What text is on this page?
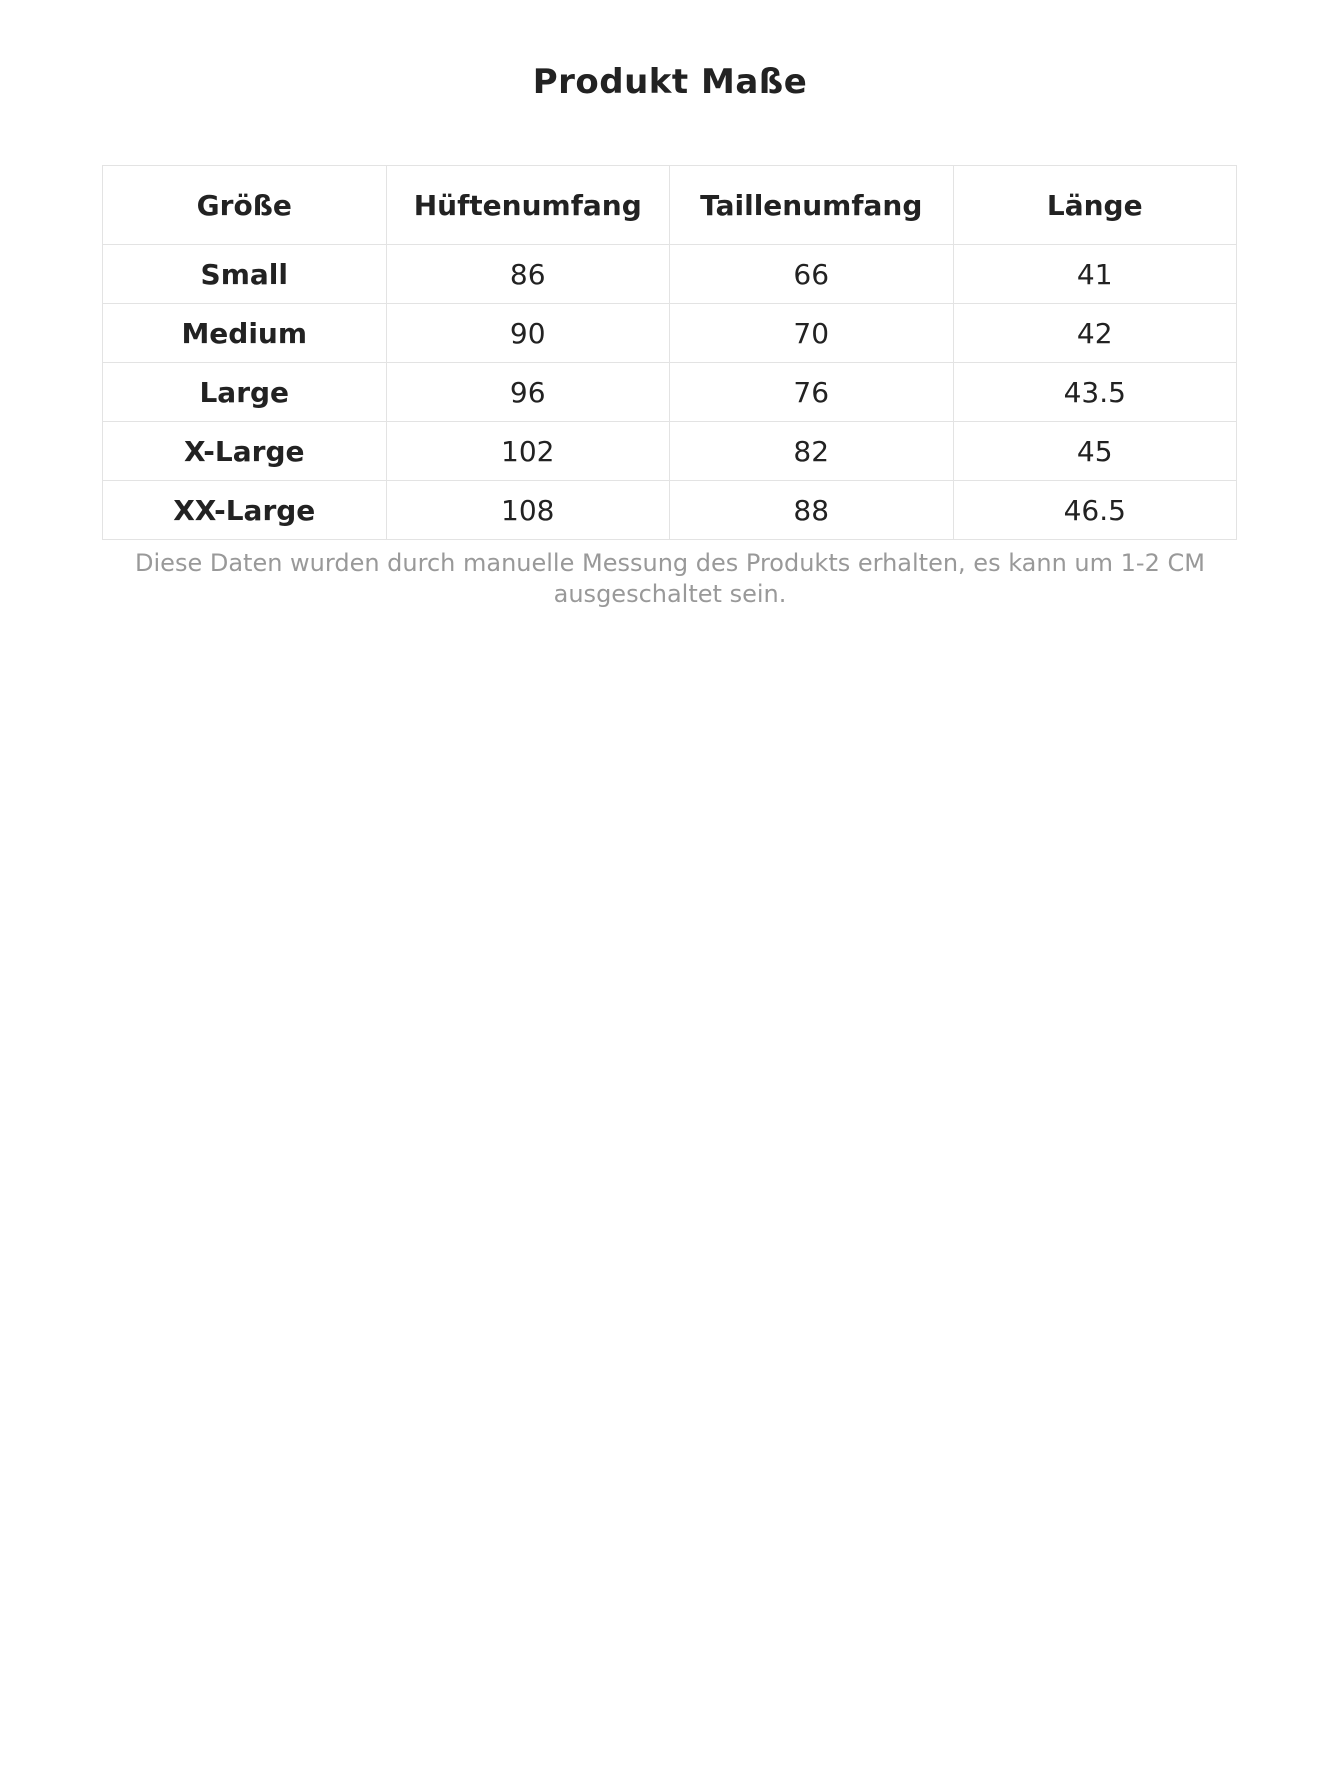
Produkt Maße
Größe	Hüftenumfang	Taillenumfang	Länge
Small	86	66	41
Medium	90	70	42
Large	96	76	43.5
X-Large	102	82	45
XX-Large	108	88	46.5

Diese Daten wurden durch manuelle Messung des Produkts erhalten, es kann um 1-2 CM
ausgeschaltet sein.
